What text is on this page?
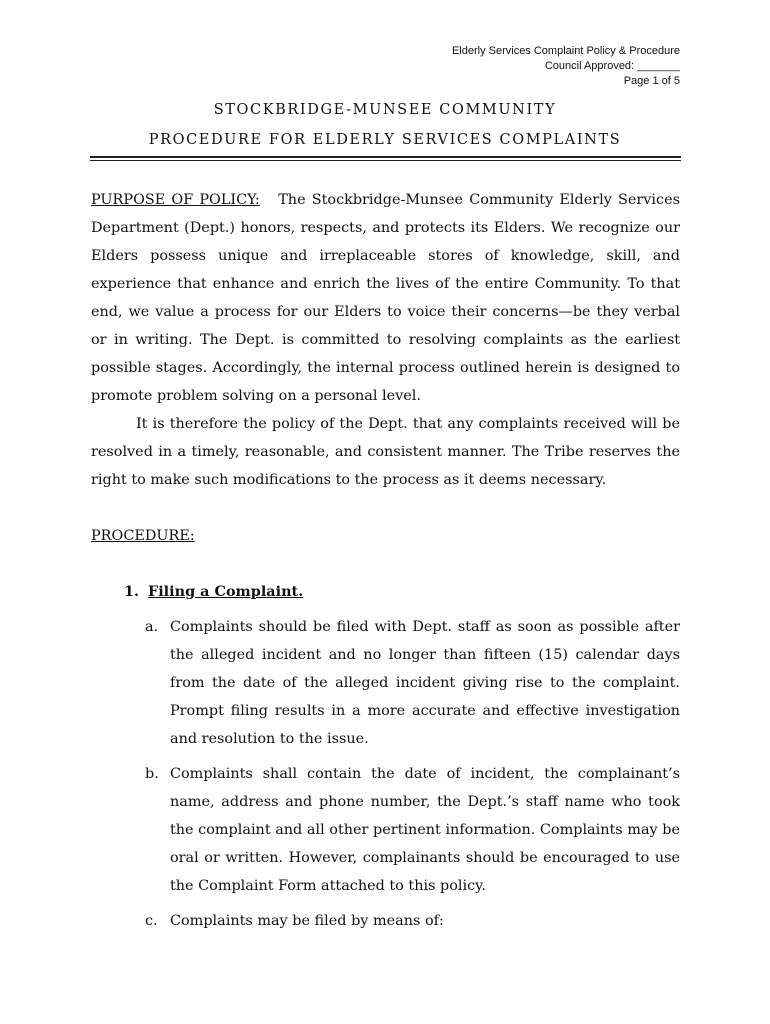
Elderly Services Complaint Policy & Procedure
Council Approved: _______
Page 1 of 5
STOCKBRIDGE-MUNSEE COMMUNITY
PROCEDURE FOR ELDERLY SERVICES COMPLAINTS

PURPOSE OF POLICY: The Stockbridge-Munsee Community Elderly Services Department (Dept.) honors, respects, and protects its Elders. We recognize our Elders possess unique and irreplaceable stores of knowledge, skill, and experience that enhance and enrich the lives of the entire Community. To that end, we value a process for our Elders to voice their concerns—be they verbal or in writing. The Dept. is committed to resolving complaints as the earliest possible stages. Accordingly, the internal process outlined herein is designed to promote problem solving on a personal level.

It is therefore the policy of the Dept. that any complaints received will be resolved in a timely, reasonable, and consistent manner. The Tribe reserves the right to make such modifications to the process as it deems necessary.

PROCEDURE:
1. Filing a Complaint.
a. Complaints should be filed with Dept. staff as soon as possible after the alleged incident and no longer than fifteen (15) calendar days from the date of the alleged incident giving rise to the complaint. Prompt filing results in a more accurate and effective investigation and resolution to the issue.
b. Complaints shall contain the date of incident, the complainant’s name, address and phone number, the Dept.’s staff name who took the complaint and all other pertinent information. Complaints may be oral or written. However, complainants should be encouraged to use the Complaint Form attached to this policy.
c. Complaints may be filed by means of:
